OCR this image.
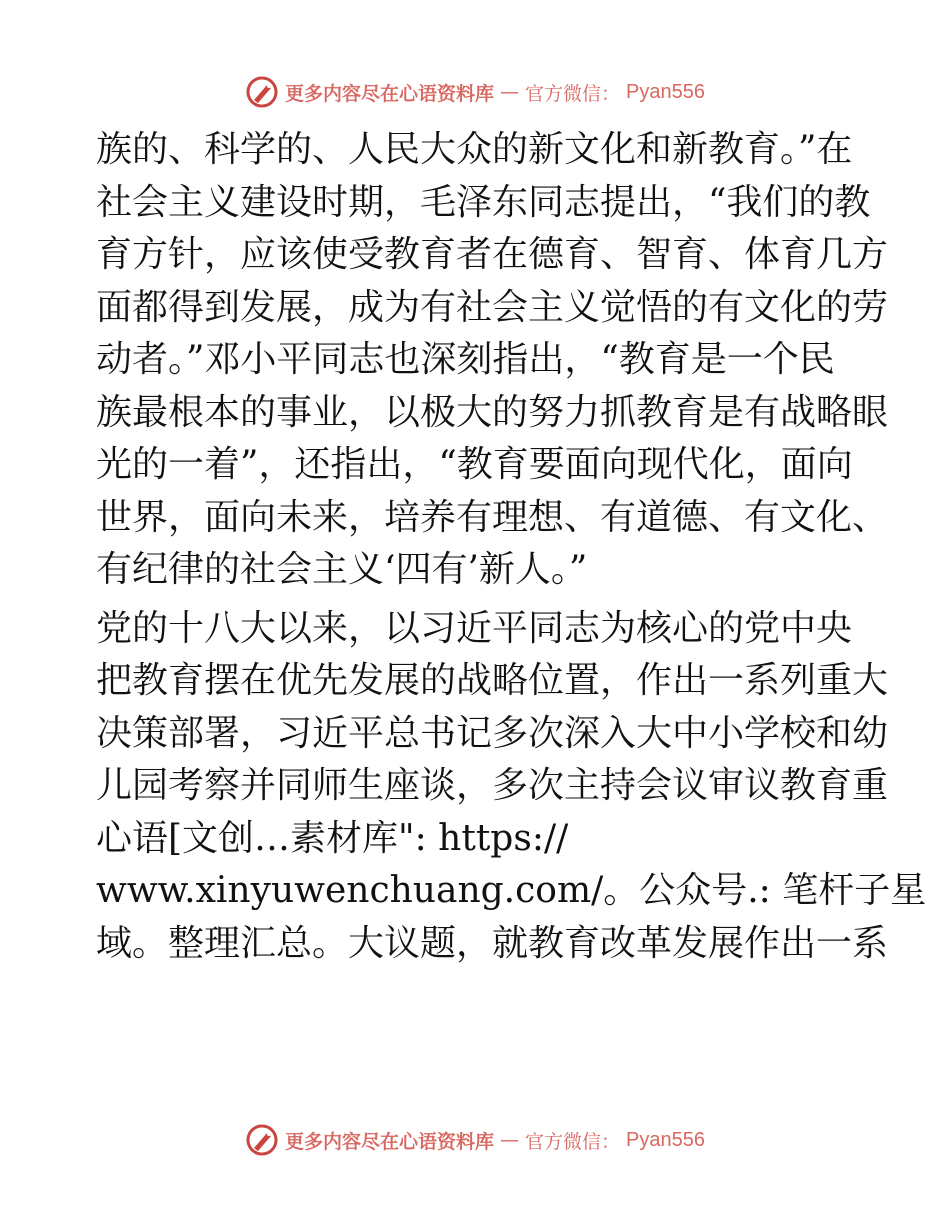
更多内容尽在心语资料库 — 官方微信： Pyan556
族的、科学的、人民大众的新文化和新教育。”在
社会主义建设时期，毛泽东同志提出，“我们的教
育方针，应该使受教育者在德育、智育、体育几方
面都得到发展，成为有社会主义觉悟的有文化的劳
动者。”邓小平同志也深刻指出，“教育是一个民
族最根本的事业，以极大的努力抓教育是有战略眼
光的一着”，还指出，“教育要面向现代化，面向
世界，面向未来，培养有理想、有道德、有文化、
有纪律的社会主义‘四有’新人。”
党的十八大以来，以习近平同志为核心的党中央
把教育摆在优先发展的战略位置，作出一系列重大
决策部署，习近平总书记多次深入大中小学校和幼
儿园考察并同师生座谈，多次主持会议审议教育重
心语[文创…素材库": https://
www.xinyuwenchuang.com/。公众号.: 笔杆子星
域。整理汇总。大议题，就教育改革发展作出一系
更多内容尽在心语资料库 — 官方微信： Pyan556
